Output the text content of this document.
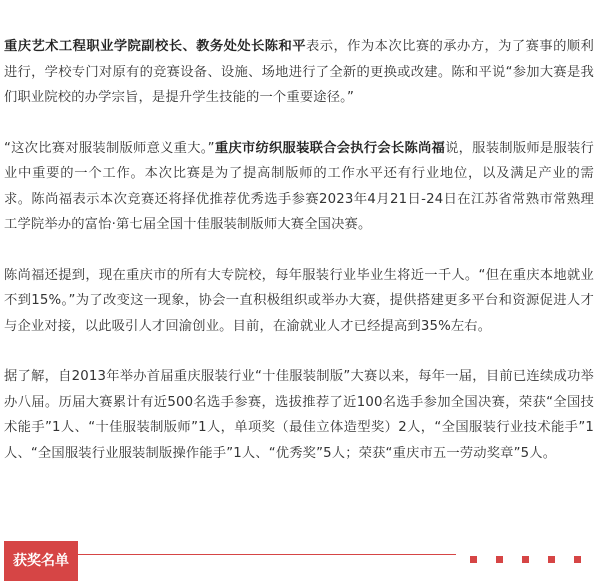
重庆艺术工程职业学院副校长、教务处处长陈和平表示，作为本次比赛的承办方，为了赛事的顺利进行，学校专门对原有的竞赛设备、设施、场地进行了全新的更换或改建。陈和平说“参加大赛是我们职业院校的办学宗旨，是提升学生技能的一个重要途径。”

“这次比赛对服装制版师意义重大。”重庆市纺织服装联合会执行会长陈尚福说，服装制版师是服装行业中重要的一个工作。本次比赛是为了提高制版师的工作水平还有行业地位，以及满足产业的需求。陈尚福表示本次竞赛还将择优推荐优秀选手参赛2023年4月21日-24日在江苏省常熟市常熟理工学院举办的富怡·第七届全国十佳服装制版师大赛全国决赛。

陈尚福还提到，现在重庆市的所有大专院校，每年服装行业毕业生将近一千人。“但在重庆本地就业不到15%。”为了改变这一现象，协会一直积极组织或举办大赛，提供搭建更多平台和资源促进人才与企业对接，以此吸引人才回渝创业。目前，在渝就业人才已经提高到35%左右。

据了解，自2013年举办首届重庆服装行业“十佳服装制版”大赛以来，每年一届，目前已连续成功举办八届。历届大赛累计有近500名选手参赛，选拔推荐了近100名选手参加全国决赛，荣获“全国技术能手”1人、“十佳服装制版师”1人，单项奖（最佳立体造型奖）2人，“全国服装行业技术能手”1人、“全国服装行业服装制版操作能手”1人、“优秀奖”5人；荣获“重庆市五一劳动奖章”5人。

获奖名单
